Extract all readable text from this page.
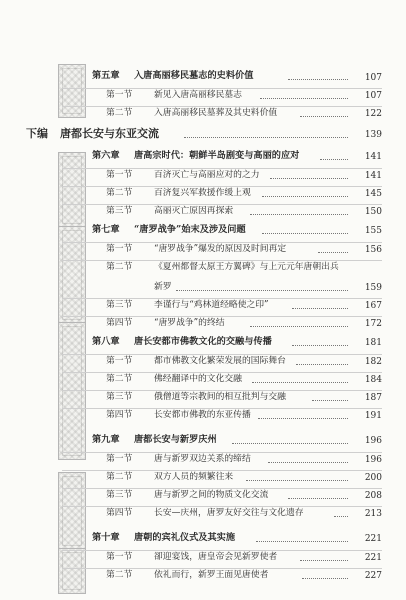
第五章 入唐高丽移民墓志的史料价值	107
第一节 新见入唐高丽移民墓志	107
第二节 入唐高丽移民墓葬及其史料价值	122
下编 唐都长安与东亚交流	139
第六章 唐高宗时代：朝鲜半岛剧变与高丽的应对	141
第一节 百济灭亡与高丽应对的之力	141
第二节 百济复兴军救援作缓上观	145
第三节 高丽灭亡原因再探索	150
第七章 “唐罗战争”始末及涉及问题	155
第一节 “唐罗战争”爆发的原因及时间再定	156
第二节 《夏州都督太原王方翼碑》与上元元年唐朝出兵
新罗	159
第三节 李谨行与“鸡林道经略使之印”	167
第四节 “唐罗战争”的终结	172
第八章 唐长安都市佛教文化的交融与传播	181
第一节 都市佛教文化繁荣发展的国际舞台	182
第二节 佛经翻译中的文化交融	184
第三节 俄僧道等宗教间的相互批判与交融	187
第四节 长安都市佛教的东亚传播	191
第九章 唐都长安与新罗庆州	196
第一节 唐与新罗双边关系的缔结	196
第二节 双方人员的频繁往来	200
第三节 唐与新罗之间的物质文化交流	208
第四节 长安—庆州，唐罗友好交往与文化遗存	213
第十章 唐朝的宾礼仪式及其实施	221
第一节 卻迎宴饯，唐皇帝会见新罗使者	221
第二节 依礼而行，新罗王面见唐使者	227
